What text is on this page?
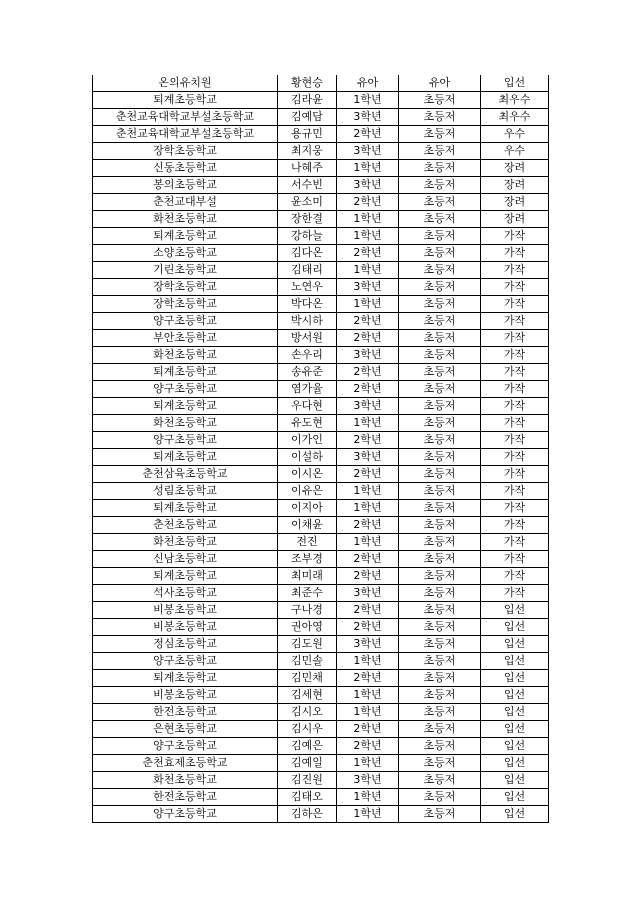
온의유치원	황현승	유아	유아	입선
퇴계초등학교	김라윤	1학년	초등저	최우수
춘천교육대학교부설초등학교	김예담	3학년	초등저	최우수
춘천교육대학교부설초등학교	용규민	2학년	초등저	우수
장학초등학교	최지웅	3학년	초등저	우수
신동초등학교	나혜주	1학년	초등저	장려
봉의초등학교	서수빈	3학년	초등저	장려
춘천교대부설	윤소미	2학년	초등저	장려
화천초등학교	장한결	1학년	초등저	장려
퇴계초등학교	강하늘	1학년	초등저	가작
소양초등학교	김다온	2학년	초등저	가작
기린초등학교	김태리	1학년	초등저	가작
장학초등학교	노연우	3학년	초등저	가작
장학초등학교	박다온	1학년	초등저	가작
양구초등학교	박시하	2학년	초등저	가작
부안초등학교	방서원	2학년	초등저	가작
화천초등학교	손우리	3학년	초등저	가작
퇴계초등학교	송유준	2학년	초등저	가작
양구초등학교	염가율	2학년	초등저	가작
퇴계초등학교	우다현	3학년	초등저	가작
화천초등학교	유도현	1학년	초등저	가작
양구초등학교	이가인	2학년	초등저	가작
퇴계초등학교	이설하	3학년	초등저	가작
춘천삼육초등학교	이시온	2학년	초등저	가작
성림초등학교	이유은	1학년	초등저	가작
퇴계초등학교	이지아	1학년	초등저	가작
춘천초등학교	이채윤	2학년	초등저	가작
화천초등학교	전진	1학년	초등저	가작
신남초등학교	조부경	2학년	초등저	가작
퇴계초등학교	최미래	2학년	초등저	가작
석사초등학교	최준수	3학년	초등저	가작
비봉초등학교	구나경	2학년	초등저	입선
비봉초등학교	권아영	2학년	초등저	입선
정심초등학교	김도원	3학년	초등저	입선
양구초등학교	김민솔	1학년	초등저	입선
퇴계초등학교	김민채	2학년	초등저	입선
비봉초등학교	김세현	1학년	초등저	입선
한전초등학교	김시오	1학년	초등저	입선
은현초등학교	김시우	2학년	초등저	입선
양구초등학교	김예은	2학년	초등저	입선
춘천효제초등학교	김예일	1학년	초등저	입선
화천초등학교	김진원	3학년	초등저	입선
한전초등학교	김태오	1학년	초등저	입선
양구초등학교	김하은	1학년	초등저	입선
